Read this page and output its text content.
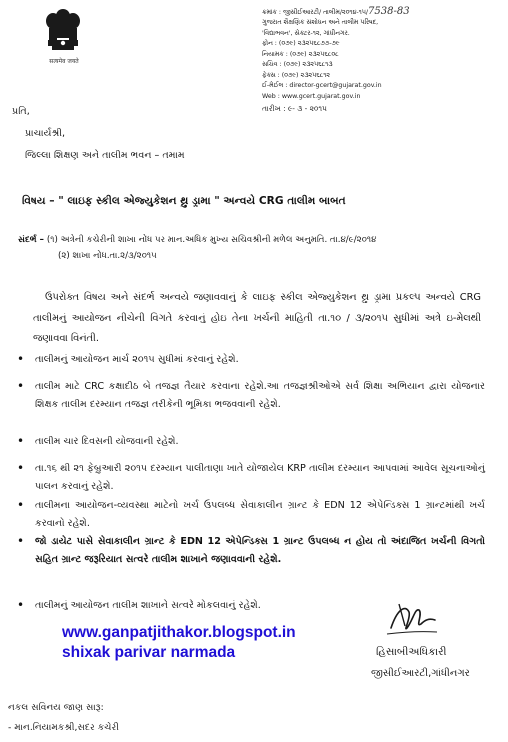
सत्यमेव जयते
ક્રમાંક : જીસીઈઆરટી/ તાલીમ/૨૦૧૪-૧૫/7538-83
ગુજરાત શૈક્ષણિક સંશોધન અને તાલીમ પરિષદ,
'વિદ્યાભવન', સેક્ટર-૧૨, ગાંધીનગર.
ફોન : (૦૭૯) ૨૩૨૫૬૮૭૭-૭૯
નિયામક : (૦૭૯) ૨૩૨૫૬૮૦૮
સચિવ : (૦૭૯) ૨૩૨૫૬૮૧૩
ફેક્સ : (૦૭૯) ૨૩૨૫૬૮૧૨
ઈ-મેઈલ : director-gcert@gujarat.gov.in
Web : www.gcert.gujarat.gov.in
તારીખ : ૯- ૩ - ૨૦૧૫
પ્રતિ,
પ્રાચાર્યશ્રી,
જિલ્લા શિક્ષણ અને તાલીમ ભવન – તમામ
વિષય – " લાઇફ સ્કીલ એજ્યુકેશન થ્રુ ડ્રામા " અન્વયે CRG તાલીમ બાબત
સંદર્ભ – (૧) અત્રેની કચેરીની શાખા નોંધ પર માન.અધિક મુખ્ય સચિવશ્રીની મળેલ અનુમતિ. તા.૪/૯/૨૦૧૪
(૨) શાખા નોંધ.તા.૨/૩/૨૦૧૫
ઉપરોક્ત વિષય અને સંદર્ભ અન્વયે જણાવવાનું કે લાઇફ સ્કીલ એજ્યુકેશન થ્રુ ડ્રામા પ્રકલ્પ અન્વયે CRG તાલીમનું આયોજન નીચેની વિગતે કરવાનું હોઇ તેના ખર્ચની માહિતી તા.૧૦ / ૩/૨૦૧૫ સુધીમાં અત્રે ઇ-મેલથી જણાવવા વિનંતી.
•	તાલીમનું આયોજન માર્ચ ૨૦૧૫ સુધીમાં કરવાનું રહેશે.
•	તાલીમ માટે CRC કક્ષાદીઠ બે તજજ્ઞ તૈયાર કરવાના રહેશે.આ તજજ્ઞશ્રીઓએ સર્વ શિક્ષા અભિયાન દ્વારા યોજનાર શિક્ષક તાલીમ દરમ્યાન તજજ્ઞ તરીકેની ભૂમિકા ભજવવાની રહેશે.
•	તાલીમ ચાર દિવસની યોજવાની રહેશે.
•	તા.૧૬ થી ૨૧ ફેબ્રુઆરી ૨૦૧૫ દરમ્યાન પાલીતાણા ખાતે યોજાયેલ KRP તાલીમ દરમ્યાન આપવામાં આવેલ સૂચનાઓનું પાલન કરવાનું રહેશે.
•	તાલીમના આયોજન-વ્યવસ્થા માટેનો ખર્ચ ઉપલબ્ધ સેવાકાલીન ગ્રાન્ટ કે EDN 12 એપેન્ડિક્સ 1 ગ્રાન્ટમાંથી ખર્ચ કરવાનો રહેશે.
•	જો ડાયેટ પાસે સેવાકાલીન ગ્રાન્ટ કે EDN 12 એપેન્ડિક્સ 1 ગ્રાન્ટ ઉપલબ્ધ ન હોય તો અંદાજિત ખર્ચની વિગતો સહિત ગ્રાન્ટ જરૂરિયાત સત્વરે તાલીમ શાખાને જણાવવાની રહેશે.
•	તાલીમનું આયોજન તાલીમ શાખાને સત્વરે મોકલવાનું રહેશે.
www.ganpatjithakor.blogspot.in
shixak parivar narmada	હિસાબીઅધિકારી
જીસીઈઆરટી,ગાંધીનગર
નકલ સવિનય જાણ સારૂ:
- માન.નિયામકશ્રી,સદર કચેરી
